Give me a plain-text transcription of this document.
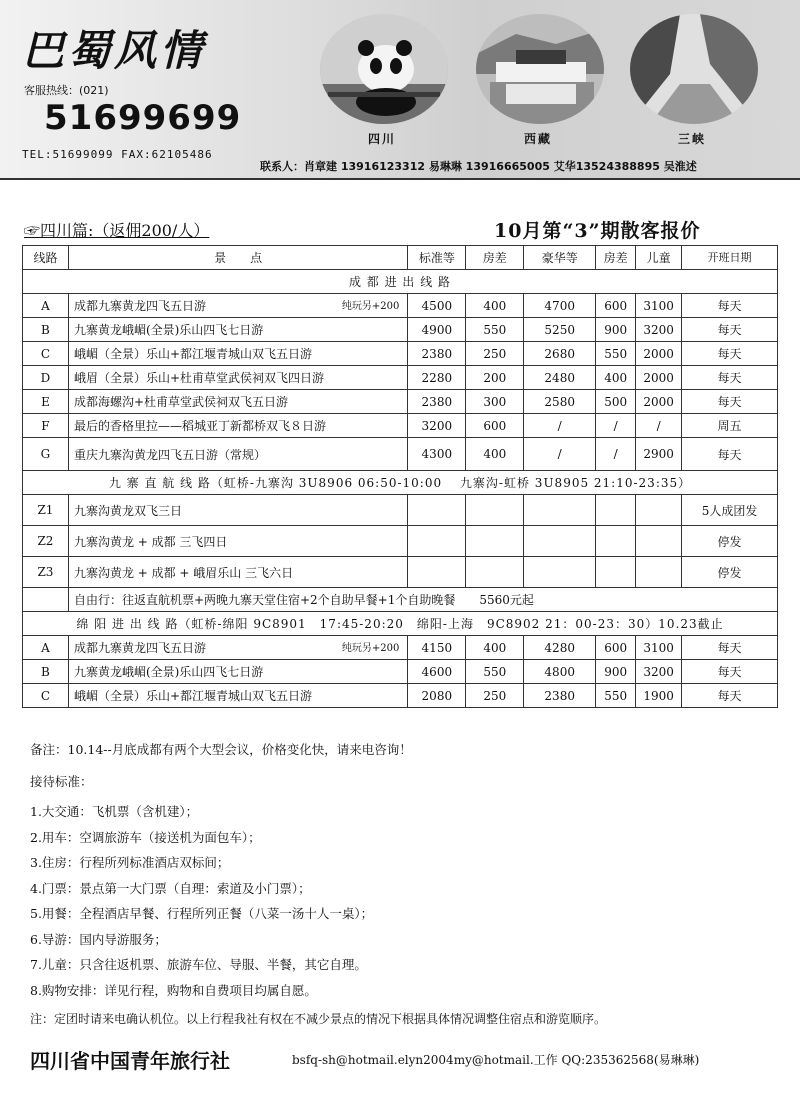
巴蜀风情
客服热线：(021)
51699699
TEL:51699099 FAX:62105486
四川	西藏	三峡
联系人：肖章建 13916123312 易琳琳 13916665005 艾华13524388895 吴淮述
☞四川篇:（返佣200/人）	10月第“3”期散客报价
线路	景　　点	标准等	房差	豪华等	房差	儿童	开班日期
成 都 进 出 线 路							
A	成都九寨黄龙四飞五日游 纯玩另+200	4500	400	4700	600	3100	每天
B	九寨黄龙峨嵋(全景)乐山四飞七日游	4900	550	5250	900	3200	每天
C	峨嵋（全景）乐山+都江堰青城山双飞五日游	2380	250	2680	550	2000	每天
D	峨眉（全景）乐山+杜甫草堂武侯祠双飞四日游	2280	200	2480	400	2000	每天
E	成都海螺沟+杜甫草堂武侯祠双飞五日游	2380	300	2580	500	2000	每天
F	最后的香格里拉——稻城亚丁新都桥双飞８日游	3200	600	/	/	/	周五
G	重庆九寨沟黄龙四飞五日游（常规）	4300	400	/	/	2900	每天
九 寨 直 航 线 路（虹桥-九寨沟 3U8906 06:50-10:00　 九寨沟-虹桥 3U8905 21:10-23:35）							
Z1	九寨沟黄龙双飞三日						5人成团发
Z2	九寨沟黄龙 + 成都 三飞四日						停发
Z3	九寨沟黄龙 + 成都 + 峨眉乐山 三飞六日						停发
	自由行：往返直航机票+两晚九寨天堂住宿+2个自助早餐+1个自助晚餐　　5560元起						
绵 阳 进 出 线 路（虹桥-绵阳 9C8901　17:45-20:20　绵阳-上海　9C8902 21：00-23：30）10.23截止							
A	成都九寨黄龙四飞五日游 纯玩另+200	4150	400	4280	600	3100	每天
B	九寨黄龙峨嵋(全景)乐山四飞七日游	4600	550	4800	900	3200	每天
C	峨嵋（全景）乐山+都江堰青城山双飞五日游	2080	250	2380	550	1900	每天
备注：10.14--月底成都有两个大型会议，价格变化快，请来电咨询！
接待标准：
1.大交通：飞机票（含机建）；
2.用车：空调旅游车（接送机为面包车）；
3.住房：行程所列标准酒店双标间；
4.门票：景点第一大门票（自理：索道及小门票）；
5.用餐：全程酒店早餐、行程所列正餐（八菜一汤十人一桌）；
6.导游：国内导游服务；
7.儿童：只含往返机票、旅游车位、导服、半餐，其它自理。
8.购物安排：详见行程，购物和自费项目均属自愿。
注：定团时请来电确认机位。以上行程我社有权在不减少景点的情况下根据具体情况调整住宿点和游览顺序。
四川省中国青年旅行社	bsfq-sh@hotmail.elyn2004my@hotmail.工作 QQ:235362568(易琳琳)
